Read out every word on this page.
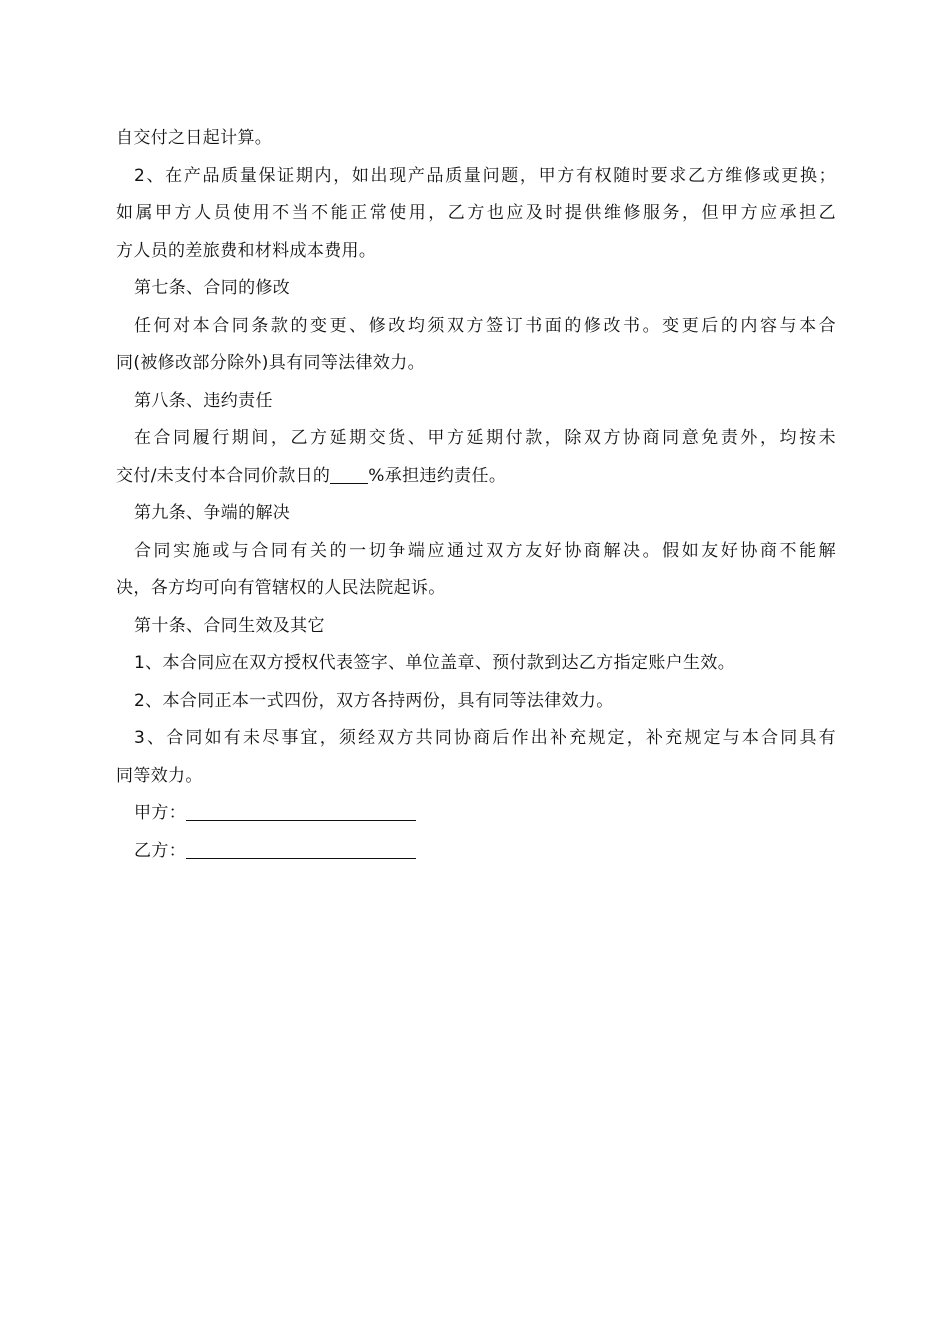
自交付之日起计算。
2、在产品质量保证期内，如出现产品质量问题，甲方有权随时要求乙方维修或更换；
如属甲方人员使用不当不能正常使用，乙方也应及时提供维修服务，但甲方应承担乙
方人员的差旅费和材料成本费用。
第七条、合同的修改
任何对本合同条款的变更、修改均须双方签订书面的修改书。变更后的内容与本合
同(被修改部分除外)具有同等法律效力。
第八条、违约责任
在合同履行期间，乙方延期交货、甲方延期付款，除双方协商同意免责外，均按未
交付/未支付本合同价款日的 %承担违约责任。
第九条、争端的解决
合同实施或与合同有关的一切争端应通过双方友好协商解决。假如友好协商不能解
决，各方均可向有管辖权的人民法院起诉。
第十条、合同生效及其它
1、本合同应在双方授权代表签字、单位盖章、预付款到达乙方指定账户生效。
2、本合同正本一式四份，双方各持两份，具有同等法律效力。
3、合同如有未尽事宜，须经双方共同协商后作出补充规定，补充规定与本合同具有
同等效力。
甲方：
乙方：
